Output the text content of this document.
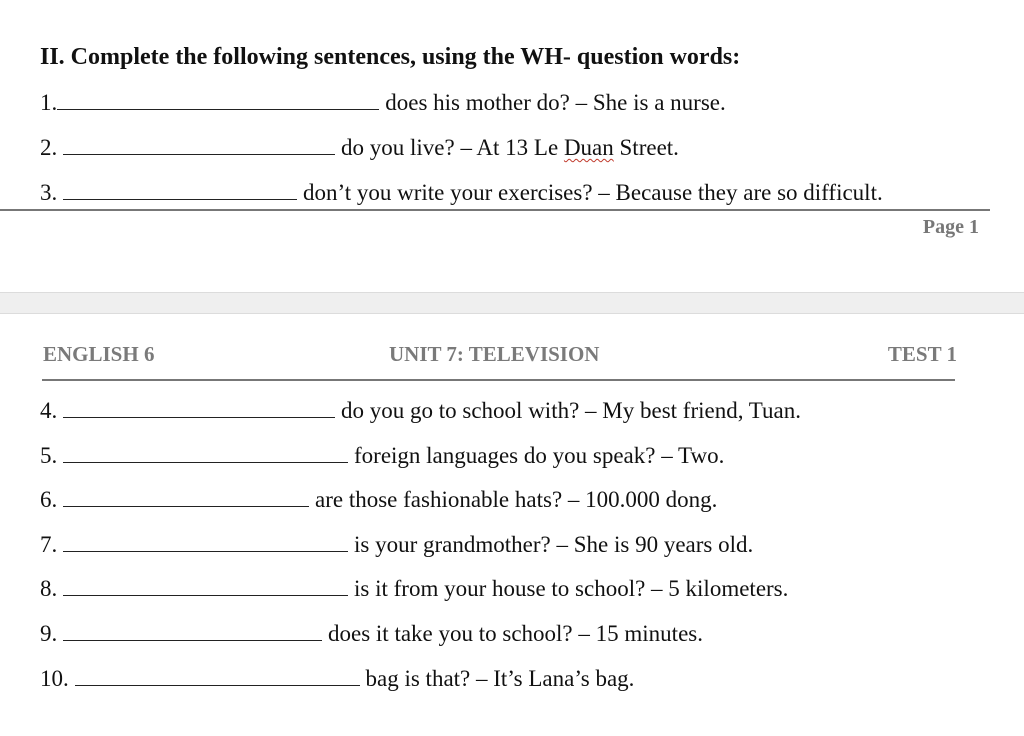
II. Complete the following sentences, using the WH- question words:
1.	does his mother do? – She is a nurse.
2.	do you live? – At 13 Le Duan Street.
3.	don’t you write your exercises? – Because they are so difficult.
Page 1
ENGLISH 6	UNIT 7: TELEVISION	TEST 1
4.	do you go to school with? – My best friend, Tuan.
5.	foreign languages do you speak? – Two.
6.	are those fashionable hats? – 100.000 dong.
7.	is your grandmother? – She is 90 years old.
8.	is it from your house to school? – 5 kilometers.
9.	does it take you to school? – 15 minutes.
10.	bag is that? – It’s Lana’s bag.
